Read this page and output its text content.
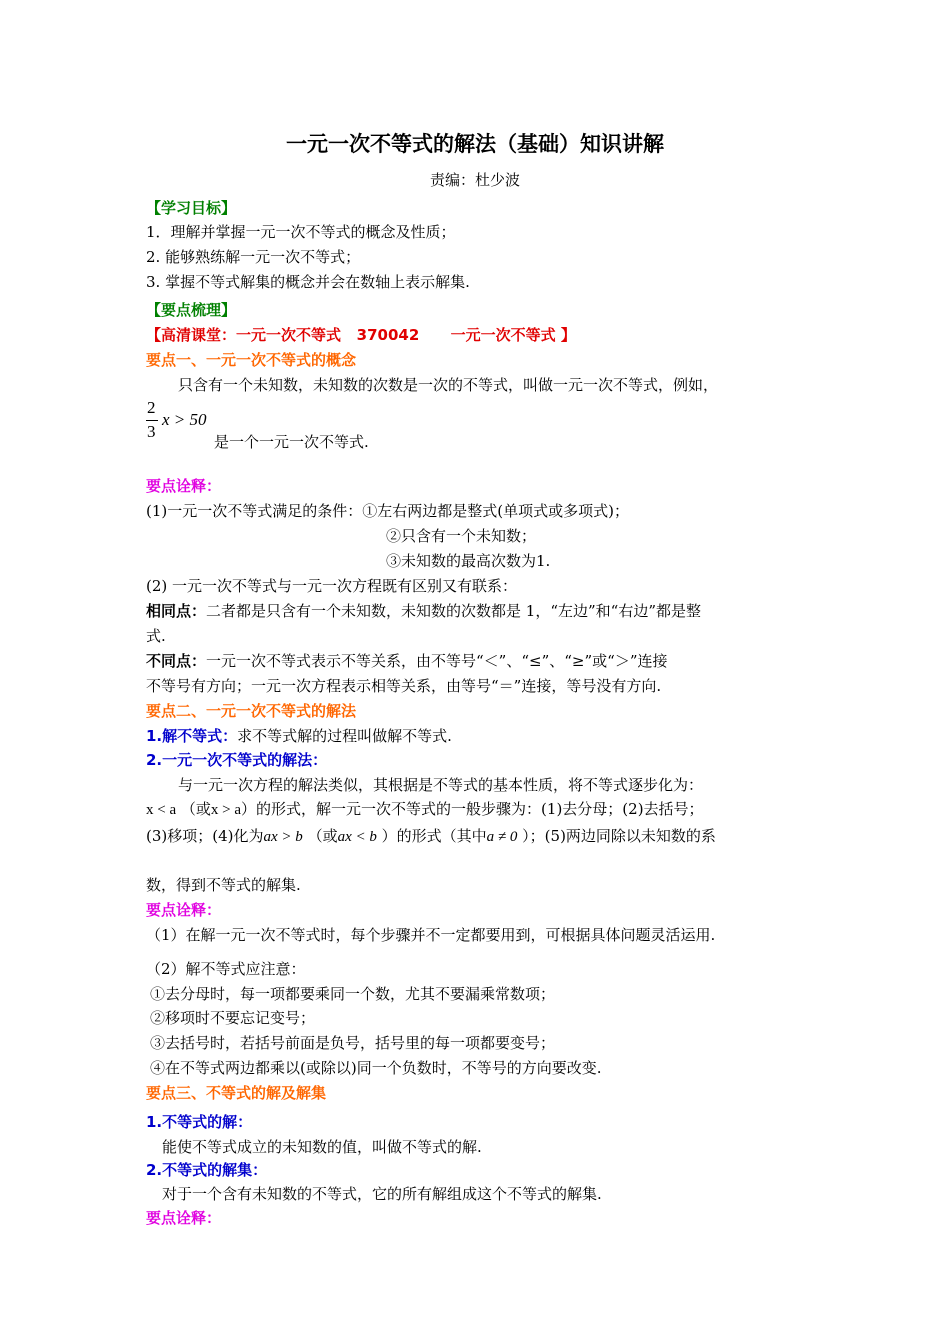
一元一次不等式的解法（基础）知识讲解
责编：杜少波
【学习目标】
1．理解并掌握一元一次不等式的概念及性质；
2. 能够熟练解一元一次不等式；
3. 掌握不等式解集的概念并会在数轴上表示解集.
【要点梳理】
【高清课堂：一元一次不等式   370042      一元一次不等式 】
要点一、一元一次不等式的概念
只含有一个未知数，未知数的次数是一次的不等式，叫做一元一次不等式，例如，
2
3
x > 50
是一个一元一次不等式.
要点诠释：
(1)一元一次不等式满足的条件：①左右两边都是整式(单项式或多项式)；
②只含有一个未知数；
③未知数的最高次数为1.
(2) 一元一次不等式与一元一次方程既有区别又有联系：
相同点：二者都是只含有一个未知数，未知数的次数都是 1，“左边”和“右边”都是整
式.
不同点：一元一次不等式表示不等关系，由不等号“＜”、“≤”、“≥”或“＞”连接
不等号有方向；一元一次方程表示相等关系，由等号“＝”连接，等号没有方向.
要点二、一元一次不等式的解法
1.解不等式：求不等式解的过程叫做解不等式.
2.一元一次不等式的解法：
与一元一次方程的解法类似，其根据是不等式的基本性质，将不等式逐步化为：
x < a （或x > a）的形式，解一元一次不等式的一般步骤为：(1)去分母；(2)去括号；
(3)移项；(4)化为ax > b （或ax < b ）的形式（其中a ≠ 0 ）；(5)两边同除以未知数的系
数，得到不等式的解集.
要点诠释：
（1）在解一元一次不等式时，每个步骤并不一定都要用到，可根据具体问题灵活运用.
（2）解不等式应注意：
①去分母时，每一项都要乘同一个数，尤其不要漏乘常数项；
②移项时不要忘记变号；
③去括号时，若括号前面是负号，括号里的每一项都要变号；
④在不等式两边都乘以(或除以)同一个负数时，不等号的方向要改变.
要点三、不等式的解及解集
1.不等式的解：
能使不等式成立的未知数的值，叫做不等式的解.
2.不等式的解集：
对于一个含有未知数的不等式，它的所有解组成这个不等式的解集.
要点诠释：
